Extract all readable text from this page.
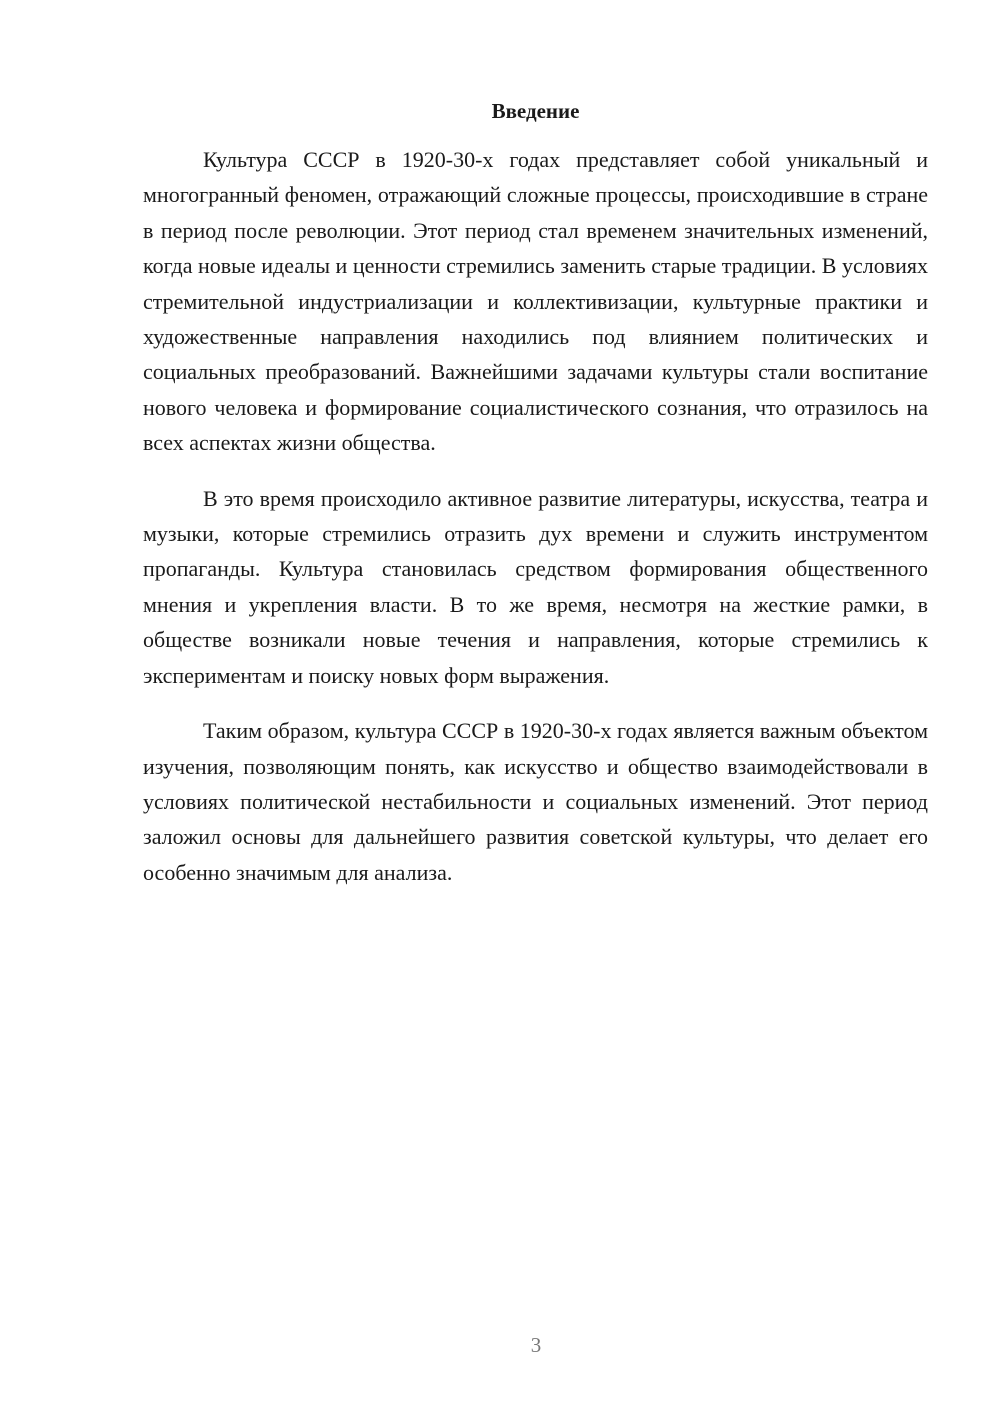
Введение

Культура СССР в 1920-30-х годах представляет собой уникальный и многогранный феномен, отражающий сложные процессы, происходившие в стране в период после революции. Этот период стал временем значительных изменений, когда новые идеалы и ценности стремились заменить старые традиции. В условиях стремительной индустриализации и коллективизации, культурные практики и художественные направления находились под влиянием политических и социальных преобразований. Важнейшими задачами культуры стали воспитание нового человека и формирование социалистического сознания, что отразилось на всех аспектах жизни общества.

В это время происходило активное развитие литературы, искусства, театра и музыки, которые стремились отразить дух времени и служить инструментом пропаганды. Культура становилась средством формирования общественного мнения и укрепления власти. В то же время, несмотря на жесткие рамки, в обществе возникали новые течения и направления, которые стремились к экспериментам и поиску новых форм выражения.

Таким образом, культура СССР в 1920-30-х годах является важным объектом изучения, позволяющим понять, как искусство и общество взаимодействовали в условиях политической нестабильности и социальных изменений. Этот период заложил основы для дальнейшего развития советской культуры, что делает его особенно значимым для анализа.

3
